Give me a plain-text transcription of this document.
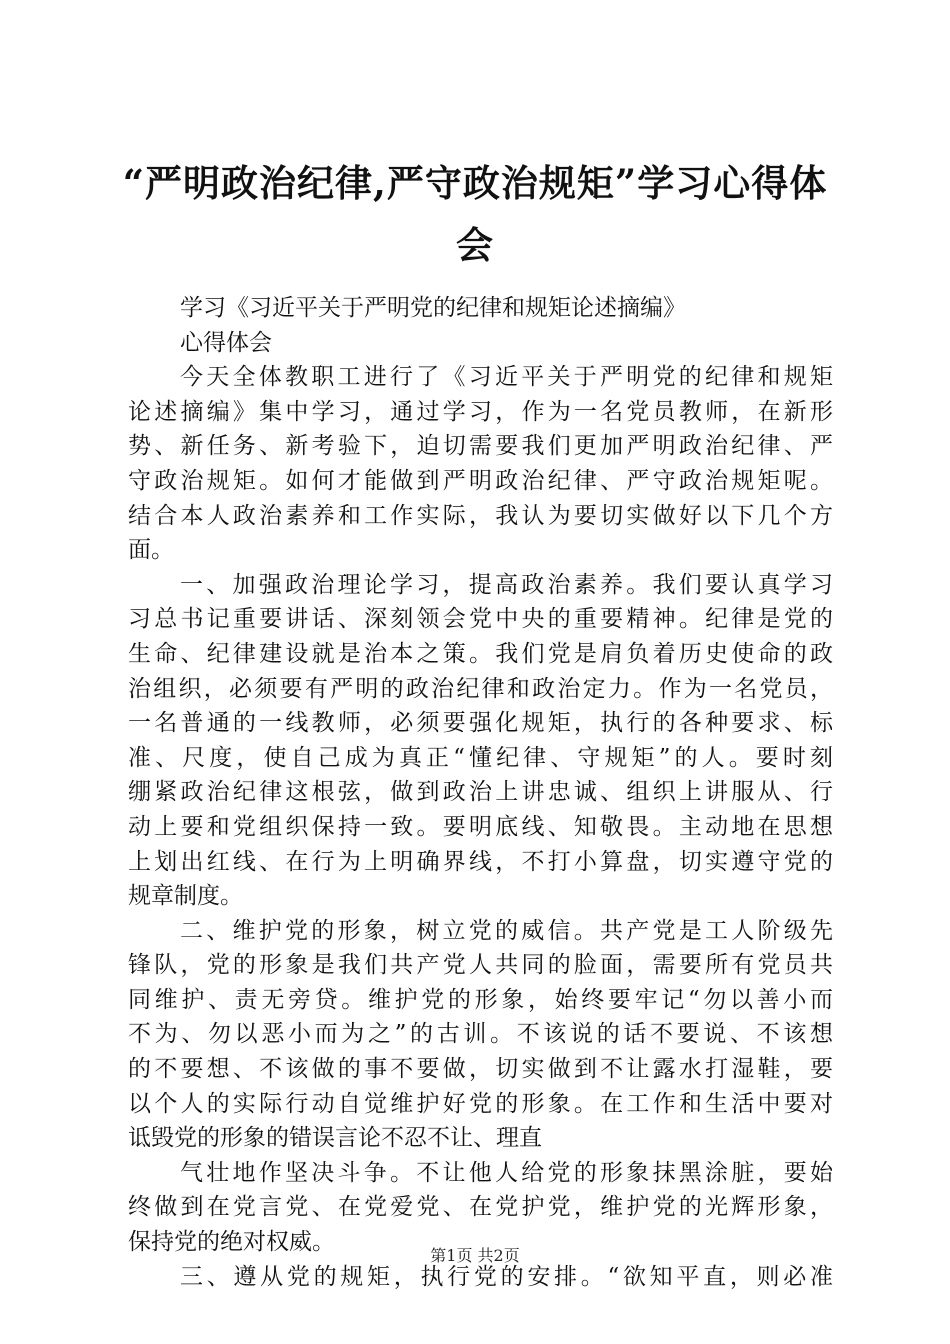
“严明政治纪律,严守政治规矩”学习心得体
会
学习《习近平关于严明党的纪律和规矩论述摘编》
心得体会
今天全体教职工进行了《习近平关于严明党的纪律和规矩
论述摘编》集中学习，通过学习，作为一名党员教师，在新形
势、新任务、新考验下，迫切需要我们更加严明政治纪律、严
守政治规矩。如何才能做到严明政治纪律、严守政治规矩呢。
结合本人政治素养和工作实际，我认为要切实做好以下几个方
面。
一、加强政治理论学习，提高政治素养。我们要认真学习
习总书记重要讲话、深刻领会党中央的重要精神。纪律是党的
生命、纪律建设就是治本之策。我们党是肩负着历史使命的政
治组织，必须要有严明的政治纪律和政治定力。作为一名党员，
一名普通的一线教师，必须要强化规矩，执行的各种要求、标
准、尺度，使自己成为真正“懂纪律、守规矩”的人。要时刻
绷紧政治纪律这根弦，做到政治上讲忠诚、组织上讲服从、行
动上要和党组织保持一致。要明底线、知敬畏。主动地在思想
上划出红线、在行为上明确界线，不打小算盘，切实遵守党的
规章制度。
二、维护党的形象，树立党的威信。共产党是工人阶级先
锋队，党的形象是我们共产党人共同的脸面，需要所有党员共
同维护、责无旁贷。维护党的形象，始终要牢记“勿以善小而
不为、勿以恶小而为之”的古训。不该说的话不要说、不该想
的不要想、不该做的事不要做，切实做到不让露水打湿鞋，要
以个人的实际行动自觉维护好党的形象。在工作和生活中要对
诋毁党的形象的错误言论不忍不让、理直
气壮地作坚决斗争。不让他人给党的形象抹黑涂脏，要始
终做到在党言党、在党爱党、在党护党，维护党的光辉形象，
保持党的绝对权威。
三、遵从党的规矩，执行党的安排。“欲知平直，则必准
第1页 共2页
